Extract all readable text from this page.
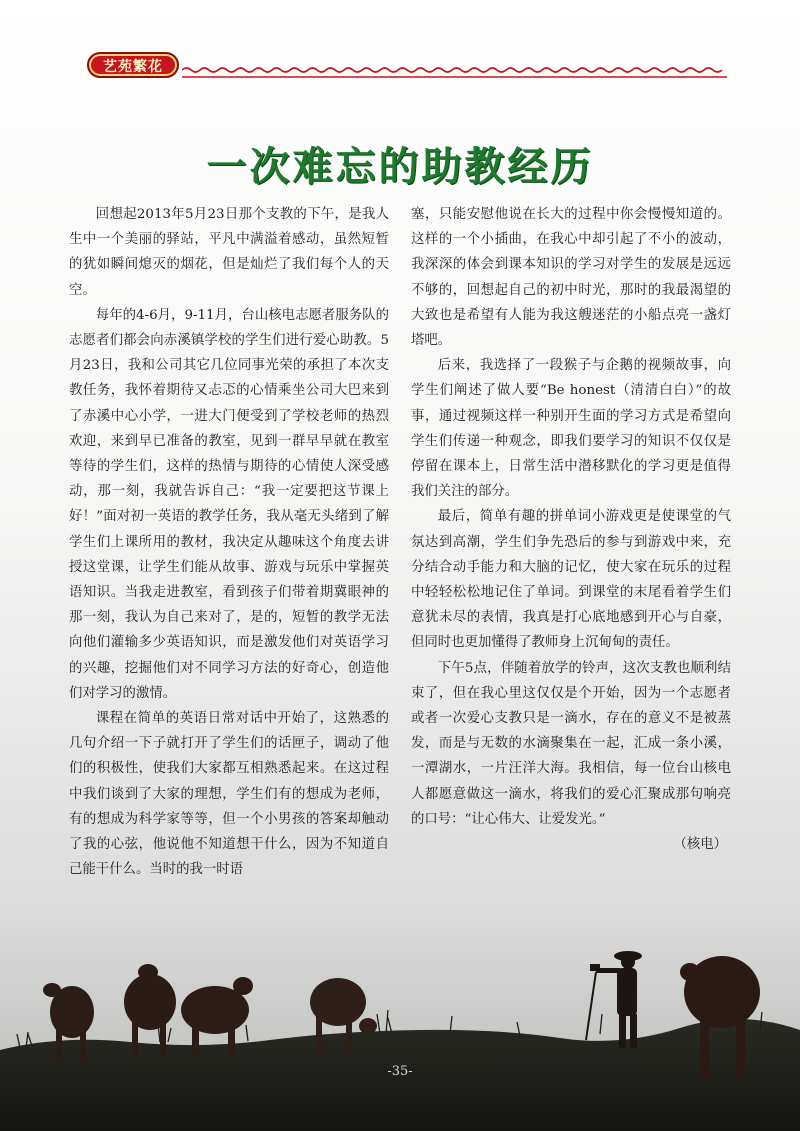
艺苑繁花
一次难忘的助教经历

回想起2013年5月23日那个支教的下午，是我人生中一个美丽的驿站，平凡中满溢着感动，虽然短暂的犹如瞬间熄灭的烟花，但是灿烂了我们每个人的天空。

每年的4-6月，9-11月，台山核电志愿者服务队的志愿者们都会向赤溪镇学校的学生们进行爱心助教。5月23日，我和公司其它几位同事光荣的承担了本次支教任务，我怀着期待又忐忑的心情乘坐公司大巴来到了赤溪中心小学，一进大门便受到了学校老师的热烈欢迎，来到早已准备的教室，见到一群早早就在教室等待的学生们，这样的热情与期待的心情使人深受感动，那一刻，我就告诉自己：“我一定要把这节课上好！”面对初一英语的教学任务，我从毫无头绪到了解学生们上课所用的教材，我决定从趣味这个角度去讲授这堂课，让学生们能从故事、游戏与玩乐中掌握英语知识。当我走进教室，看到孩子们带着期冀眼神的那一刻，我认为自己来对了，是的，短暂的教学无法向他们灌输多少英语知识，而是激发他们对英语学习的兴趣，挖掘他们对不同学习方法的好奇心，创造他们对学习的激情。

课程在简单的英语日常对话中开始了，这熟悉的几句介绍一下子就打开了学生们的话匣子，调动了他们的积极性，使我们大家都互相熟悉起来。在这过程中我们谈到了大家的理想，学生们有的想成为老师，有的想成为科学家等等，但一个小男孩的答案却触动了我的心弦，他说他不知道想干什么，因为不知道自己能干什么。当时的我一时语

塞，只能安慰他说在长大的过程中你会慢慢知道的。这样的一个小插曲，在我心中却引起了不小的波动，我深深的体会到课本知识的学习对学生的发展是远远不够的，回想起自己的初中时光，那时的我最渴望的大致也是希望有人能为我这艘迷茫的小船点亮一盏灯塔吧。

后来，我选择了一段猴子与企鹅的视频故事，向学生们阐述了做人要“Be honest（清清白白）”的故事，通过视频这样一种别开生面的学习方式是希望向学生们传递一种观念，即我们要学习的知识不仅仅是停留在课本上，日常生活中潜移默化的学习更是值得我们关注的部分。

最后，简单有趣的拼单词小游戏更是使课堂的气氛达到高潮，学生们争先恐后的参与到游戏中来，充分结合动手能力和大脑的记忆，使大家在玩乐的过程中轻轻松松地记住了单词。到课堂的末尾看着学生们意犹未尽的表情，我真是打心底地感到开心与自豪，但同时也更加懂得了教师身上沉甸甸的责任。

下午5点，伴随着放学的铃声，这次支教也顺利结束了，但在我心里这仅仅是个开始，因为一个志愿者或者一次爱心支教只是一滴水，存在的意义不是被蒸发，而是与无数的水滴聚集在一起，汇成一条小溪，一潭湖水，一片汪洋大海。我相信，每一位台山核电人都愿意做这一滴水，将我们的爱心汇聚成那句响亮的口号：“让心伟大、让爱发光。”

（核电）

-35-
